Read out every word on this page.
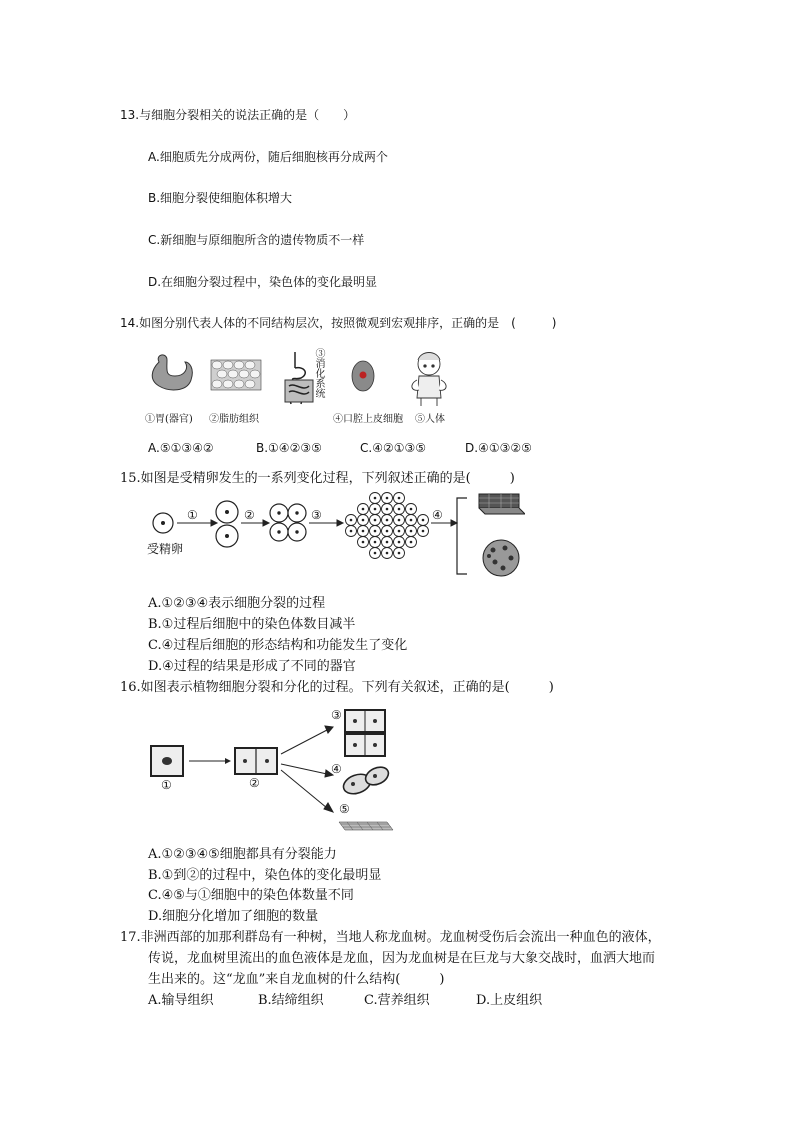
13.与细胞分裂相关的说法正确的是（　　）
A.细胞质先分成两份，随后细胞核再分成两个
B.细胞分裂使细胞体积增大
C.新细胞与原细胞所含的遗传物质不一样
D.在细胞分裂过程中，染色体的变化最明显
14.如图分别代表人体的不同结构层次，按照微观到宏观排序，正确的是　(　　　)
①胃(器官) ②脂肪组织
③消化系统
④口腔上皮细胞 ⑤人体
A.⑤①③④②	B.①④②③⑤	C.④②①③⑤	D.④①③②⑤
15.如图是受精卵发生的一系列变化过程，下列叙述正确的是(　　　)
①	②	③	④
受精卵
A.①②③④表示细胞分裂的过程
B.①过程后细胞中的染色体数目减半
C.④过程后细胞的形态结构和功能发生了变化
D.④过程的结果是形成了不同的器官
16.如图表示植物细胞分裂和分化的过程。下列有关叙述，正确的是(　　　)
①	②
③
④
⑤
A.①②③④⑤细胞都具有分裂能力
B.①到②的过程中，染色体的变化最明显
C.④⑤与①细胞中的染色体数量不同
D.细胞分化增加了细胞的数量
17.非洲西部的加那利群岛有一种树，当地人称龙血树。龙血树受伤后会流出一种血色的液体，
传说，龙血树里流出的血色液体是龙血，因为龙血树是在巨龙与大象交战时，血洒大地而
生出来的。这“龙血”来自龙血树的什么结构(　　　)
A.输导组织	B.结缔组织	C.营养组织	D.上皮组织
